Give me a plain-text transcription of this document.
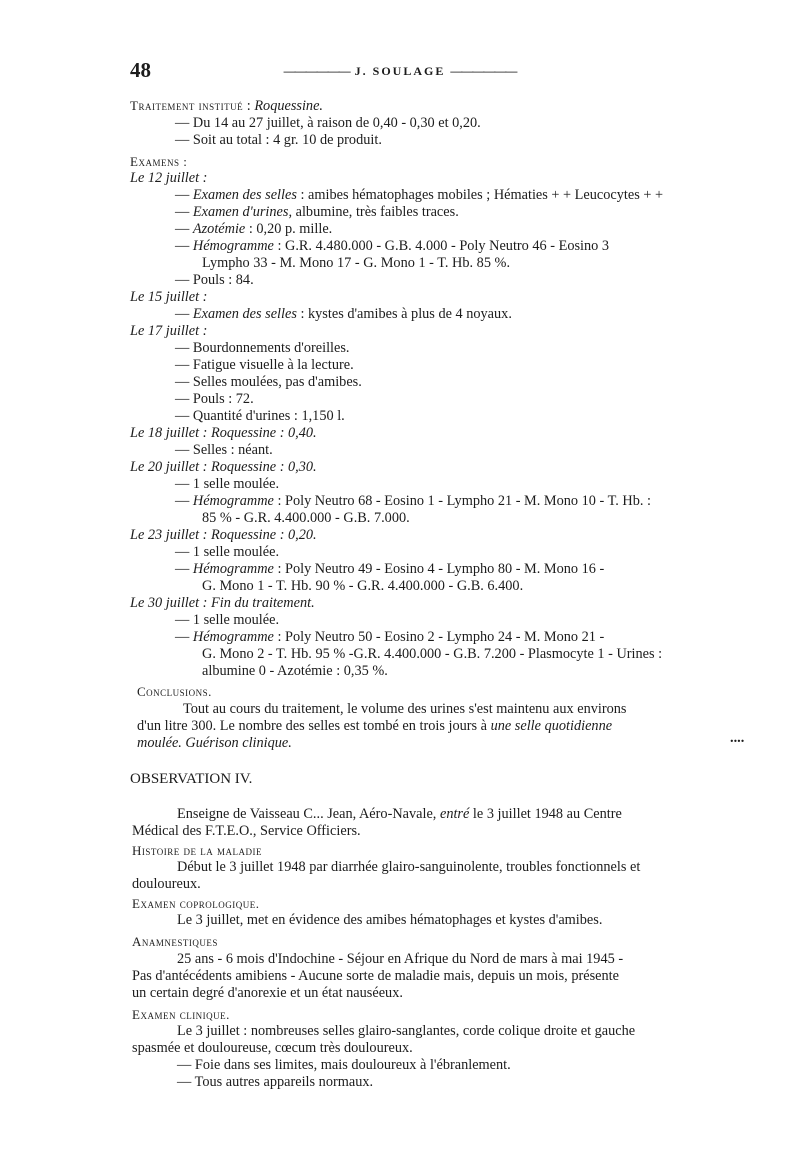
48	—————— J. SOULAGE ——————
Traitement institué : Roquessine.
— Du 14 au 27 juillet, à raison de 0,40 - 0,30 et 0,20.
— Soit au total : 4 gr. 10 de produit.
Examens :
Le 12 juillet :
— Examen des selles : amibes hématophages mobiles ; Hématies + + Leucocytes + +
— Examen d'urines, albumine, très faibles traces.
— Azotémie : 0,20 p. mille.
— Hémogramme : G.R. 4.480.000 - G.B. 4.000 - Poly Neutro 46 - Eosino 3
Lympho 33 - M. Mono 17 - G. Mono 1 - T. Hb. 85 %.
— Pouls : 84.
Le 15 juillet :
— Examen des selles : kystes d'amibes à plus de 4 noyaux.
Le 17 juillet :
— Bourdonnements d'oreilles.
— Fatigue visuelle à la lecture.
— Selles moulées, pas d'amibes.
— Pouls : 72.
— Quantité d'urines : 1,150 l.
Le 18 juillet : Roquessine : 0,40.
— Selles : néant.
Le 20 juillet : Roquessine : 0,30.
— 1 selle moulée.
— Hémogramme : Poly Neutro 68 - Eosino 1 - Lympho 21 - M. Mono 10 - T. Hb. :
85 % - G.R. 4.400.000 - G.B. 7.000.
Le 23 juillet : Roquessine : 0,20.
— 1 selle moulée.
— Hémogramme : Poly Neutro 49 - Eosino 4 - Lympho 80 - M. Mono 16 -
G. Mono 1 - T. Hb. 90 % - G.R. 4.400.000 - G.B. 6.400.
Le 30 juillet : Fin du traitement.
— 1 selle moulée.
— Hémogramme : Poly Neutro 50 - Eosino 2 - Lympho 24 - M. Mono 21 -
G. Mono 2 - T. Hb. 95 % -G.R. 4.400.000 - G.B. 7.200 - Plasmocyte 1 - Urines :
albumine 0 - Azotémie : 0,35 %.
Conclusions.
Tout au cours du traitement, le volume des urines s'est maintenu aux environs
d'un litre 300. Le nombre des selles est tombé en trois jours à une selle quotidienne
moulée. Guérison clinique.	....
OBSERVATION IV.
Enseigne de Vaisseau C... Jean, Aéro-Navale, entré le 3 juillet 1948 au Centre
Médical des F.T.E.O., Service Officiers.
Histoire de la maladie
Début le 3 juillet 1948 par diarrhée glairo-sanguinolente, troubles fonctionnels et
douloureux.
Examen coprologique.
Le 3 juillet, met en évidence des amibes hématophages et kystes d'amibes.
Anamnestiques
25 ans - 6 mois d'Indochine - Séjour en Afrique du Nord de mars à mai 1945 -
Pas d'antécédents amibiens - Aucune sorte de maladie mais, depuis un mois, présente
un certain degré d'anorexie et un état nauséeux.
Examen clinique.
Le 3 juillet : nombreuses selles glairo-sanglantes, corde colique droite et gauche
spasmée et douloureuse, cœcum très douloureux.
— Foie dans ses limites, mais douloureux à l'ébranlement.
— Tous autres appareils normaux.
